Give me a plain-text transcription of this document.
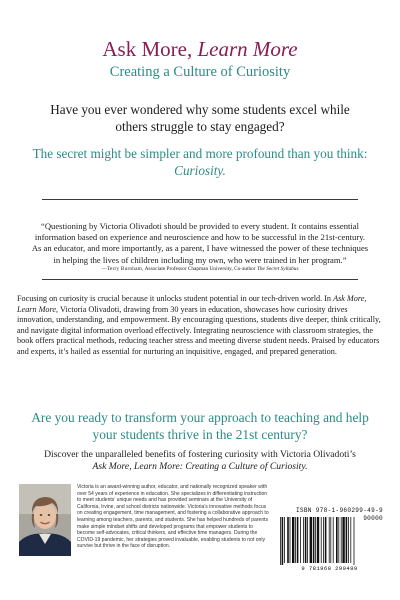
Ask More, Learn More
Creating a Culture of Curiosity
Have you ever wondered why some students excel while others struggle to stay engaged?
The secret might be simpler and more profound than you think:
Curiosity.
“Questioning by Victoria Olivadoti should be provided to every student. It contains essential information based on experience and neuroscience and how to be successful in the 21st-century. As an educator, and more importantly, as a parent, I have witnessed the power of these techniques in helping the lives of children including my own, who were trained in her program.”
—Terry Burnham, Associate Professor Chapman University, Co-author The Secret Syllabus
Focusing on curiosity is crucial because it unlocks student potential in our tech-driven world. In Ask More, Learn More, Victoria Olivadoti, drawing from 30 years in education, showcases how curiosity drives innovation, understanding, and empowerment. By encouraging questions, students dive deeper, think critically, and navigate digital information overload effectively. Integrating neuroscience with classroom strategies, the book offers practical methods, reducing teacher stress and meeting diverse student needs. Praised by educators and experts, it’s hailed as essential for nurturing an inquisitive, engaged, and prepared generation.
Are you ready to transform your approach to teaching and help your students thrive in the 21st century?
Discover the unparalleled benefits of fostering curiosity with Victoria Olivadoti’s
Ask More, Learn More: Creating a Culture of Curiosity.
Victoria is an award-winning author, educator, and nationally recognized speaker with over 54 years of experience in education. She specializes in differentiating instruction to meet students’ unique needs and has provided seminars at the University of California, Irvine, and school districts nationwide. Victoria’s innovative methods focus on creating engagement, time management, and fostering a collaborative approach to learning among teachers, parents, and students. She has helped hundreds of parents make simple mindset shifts and developed programs that empower students to become self-advocates, critical thinkers, and effective time managers. During the COVID-19 pandemic, her strategies proved invaluable, enabling students to not only survive but thrive in the face of disruption.
ISBN 978-1-960299-49-9
90000
9 781960 299499
